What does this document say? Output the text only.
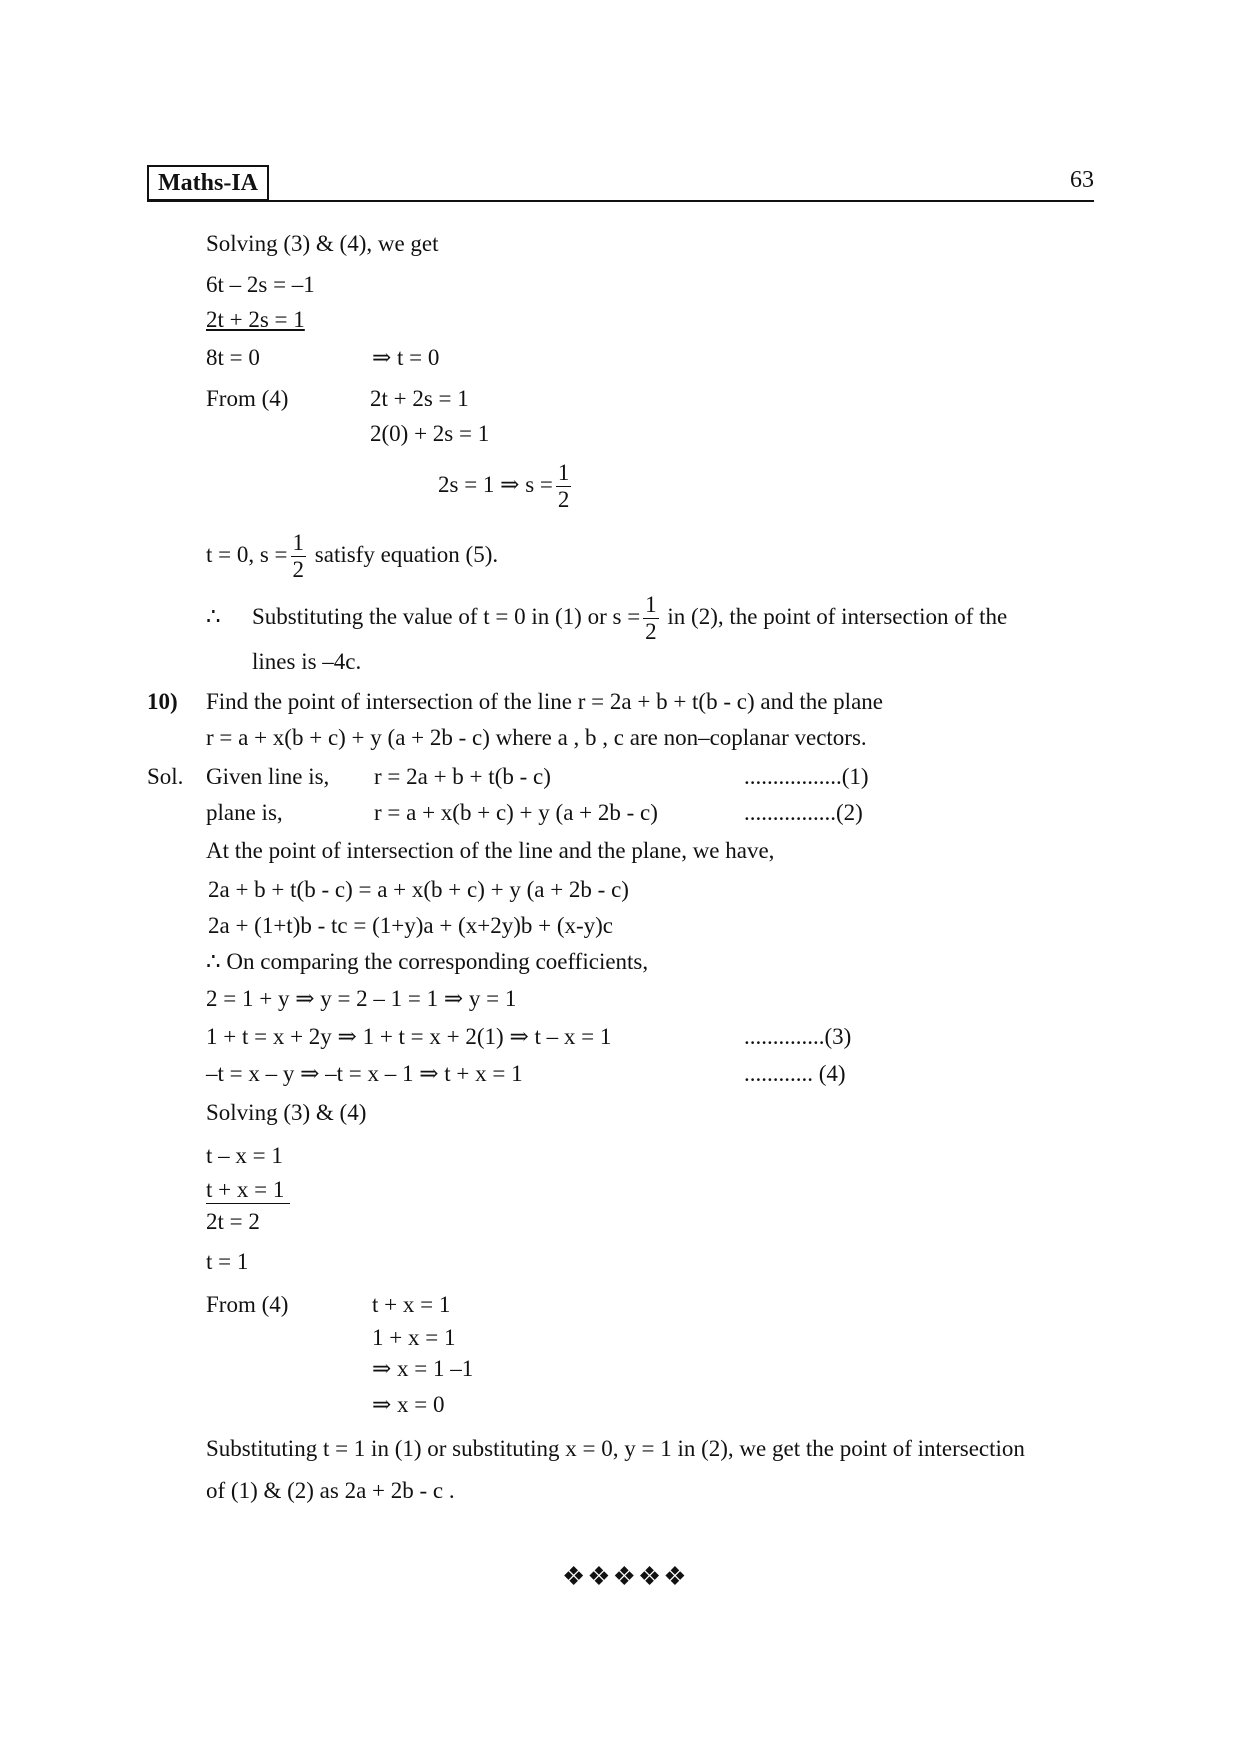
Maths-IA	63
Solving (3) & (4), we get
6t – 2s = –1
2t + 2s = 1
8t = 0	⇒ t = 0
From (4)	2t + 2s = 1
2(0) + 2s = 1
2s = 1 ⇒ $s = \frac{1}{2}$
t = 0, $s = \frac{1}{2}$ satisfy equation (5).
∴ Substituting the value of t = 0 in (1) or $s = \frac{1}{2}$ in (2), the point of intersection of the
lines is –4c.
10) Find the point of intersection of the line r = 2a + b + t(b - c) and the plane
r = a + x(b + c) + y (a + 2b - c) where a , b , c are non–coplanar vectors.
Sol. Given line is, r = 2a + b + t(b - c)	.................(1)
plane is,	r = a + x(b + c) + y (a + 2b - c)	................(2)
At the point of intersection of the line and the plane, we have,
2a + b + t(b - c) = a + x(b + c) + y (a + 2b - c)
2a + (1+t)b - tc = (1+y)a + (x+2y)b + (x-y)c
∴ On comparing the corresponding coefficients,
2 = 1 + y ⇒ y = 2 – 1 = 1 ⇒ y = 1
1 + t = x + 2y ⇒ 1 + t = x + 2(1) ⇒ t – x = 1	..............(3)
–t = x – y ⇒ –t = x – 1 ⇒ t + x = 1	............ (4)
Solving (3) & (4)
t – x = 1
t + x = 1
2t = 2
t = 1
From (4)	t + x = 1
1 + x = 1
⇒ x = 1 –1
⇒ x = 0
Substituting t = 1 in (1) or substituting x = 0, y = 1 in (2), we get the point of intersection
of (1) & (2) as 2a + 2b - c .
❖❖❖❖❖
